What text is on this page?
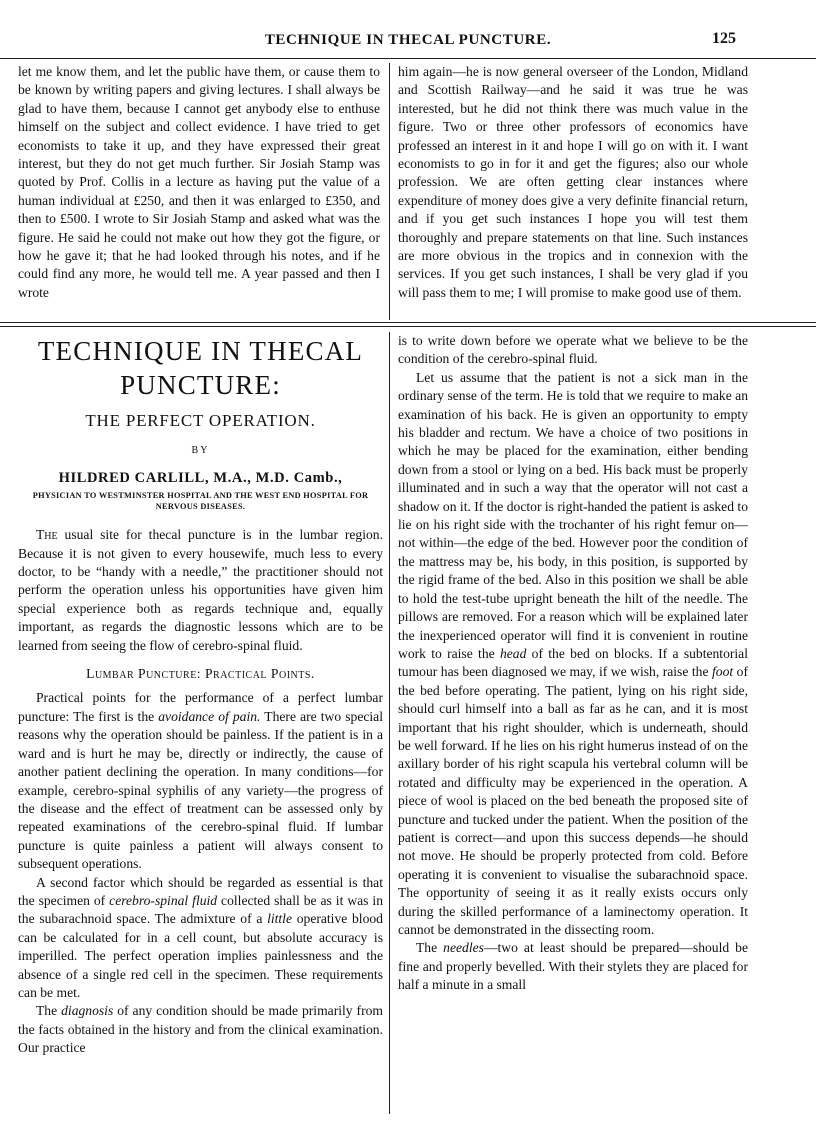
TECHNIQUE IN THECAL PUNCTURE.	125

let me know them, and let the public have them, or cause them to be known by writing papers and giving lectures. I shall always be glad to have them, because I cannot get anybody else to enthuse himself on the subject and collect evidence. I have tried to get economists to take it up, and they have expressed their great interest, but they do not get much further. Sir Josiah Stamp was quoted by Prof. Collis in a lecture as having put the value of a human individual at £250, and then it was enlarged to £350, and then to £500. I wrote to Sir Josiah Stamp and asked what was the figure. He said he could not make out how they got the figure, or how he gave it; that he had looked through his notes, and if he could find any more, he would tell me. A year passed and then I wrote

him again—he is now general overseer of the London, Midland and Scottish Railway—and he said it was true he was interested, but he did not think there was much value in the figure. Two or three other professors of economics have professed an interest in it and hope I will go on with it. I want economists to go in for it and get the figures; also our whole profession. We are often getting clear instances where expenditure of money does give a very definite financial return, and if you get such instances I hope you will test them thoroughly and prepare statements on that line. Such instances are more obvious in the tropics and in connexion with the services. If you get such instances, I shall be very glad if you will pass them to me; I will promise to make good use of them.

TECHNIQUE IN THECAL
PUNCTURE:
THE PERFECT OPERATION.
BY
HILDRED CARLILL, M.A., M.D. Camb.,
PHYSICIAN TO WESTMINSTER HOSPITAL AND THE WEST END HOSPITAL FOR NERVOUS DISEASES.

The usual site for thecal puncture is in the lumbar region. Because it is not given to every housewife, much less to every doctor, to be “handy with a needle,” the practitioner should not perform the operation unless his opportunities have given him special experience both as regards technique and, equally important, as regards the diagnostic lessons which are to be learned from seeing the flow of cerebro-spinal fluid.

Lumbar Puncture: Practical Points.

Practical points for the performance of a perfect lumbar puncture: The first is the avoidance of pain. There are two special reasons why the operation should be painless. If the patient is in a ward and is hurt he may be, directly or indirectly, the cause of another patient declining the operation. In many conditions—for example, cerebro-spinal syphilis of any variety—the progress of the disease and the effect of treatment can be assessed only by repeated examinations of the cerebro-spinal fluid. If lumbar puncture is quite painless a patient will always consent to subsequent operations.

A second factor which should be regarded as essential is that the specimen of cerebro-spinal fluid collected shall be as it was in the subarachnoid space. The admixture of a little operative blood can be calculated for in a cell count, but absolute accuracy is imperilled. The perfect operation implies painlessness and the absence of a single red cell in the specimen. These requirements can be met.

The diagnosis of any condition should be made primarily from the facts obtained in the history and from the clinical examination. Our practice

is to write down before we operate what we believe to be the condition of the cerebro-spinal fluid.

Let us assume that the patient is not a sick man in the ordinary sense of the term. He is told that we require to make an examination of his back. He is given an opportunity to empty his bladder and rectum. We have a choice of two positions in which he may be placed for the examination, either bending down from a stool or lying on a bed. His back must be properly illuminated and in such a way that the operator will not cast a shadow on it. If the doctor is right-handed the patient is asked to lie on his right side with the trochanter of his right femur on—not within—the edge of the bed. However poor the condition of the mattress may be, his body, in this position, is supported by the rigid frame of the bed. Also in this position we shall be able to hold the test-tube upright beneath the hilt of the needle. The pillows are removed. For a reason which will be explained later the inexperienced operator will find it is convenient in routine work to raise the head of the bed on blocks. If a subtentorial tumour has been diagnosed we may, if we wish, raise the foot of the bed before operating. The patient, lying on his right side, should curl himself into a ball as far as he can, and it is most important that his right shoulder, which is underneath, should be well forward. If he lies on his right humerus instead of on the axillary border of his right scapula his vertebral column will be rotated and difficulty may be experienced in the operation. A piece of wool is placed on the bed beneath the proposed site of puncture and tucked under the patient. When the position of the patient is correct—and upon this success depends—he should not move. He should be properly protected from cold. Before operating it is convenient to visualise the subarachnoid space. The opportunity of seeing it as it really exists occurs only during the skilled performance of a laminectomy operation. It cannot be demonstrated in the dissecting room.

The needles—two at least should be prepared—should be fine and properly bevelled. With their stylets they are placed for half a minute in a small
